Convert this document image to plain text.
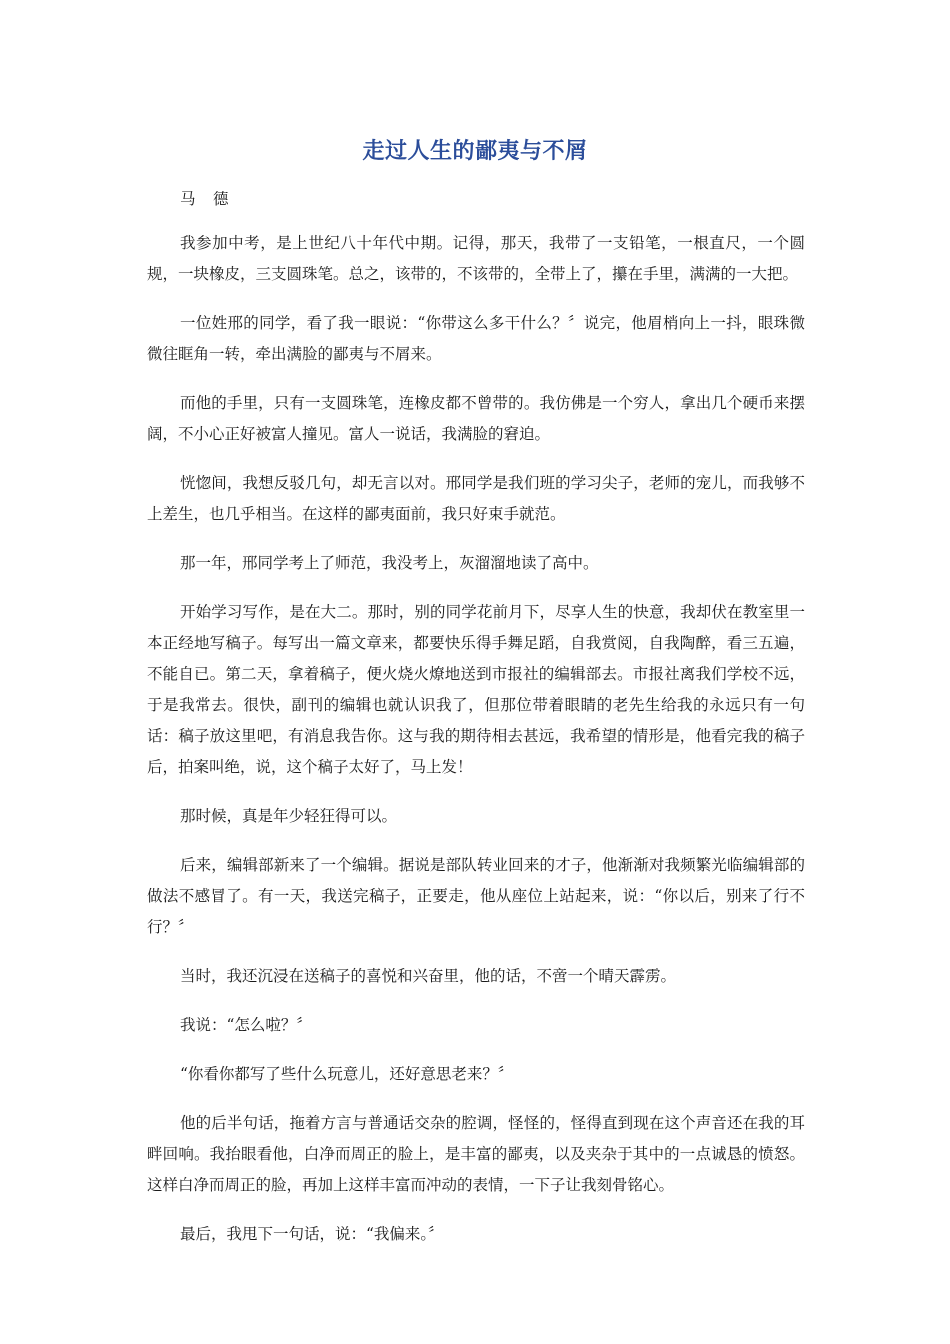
走过人生的鄙夷与不屑

马　德

我参加中考，是上世纪八十年代中期。记得，那天，我带了一支铅笔，一根直尺，一个圆规，一块橡皮，三支圆珠笔。总之，该带的，不该带的，全带上了，攥在手里，满满的一大把。

一位姓邢的同学，看了我一眼说：“你带这么多干什么？〞说完，他眉梢向上一抖，眼珠微微往眶角一转，牵出满脸的鄙夷与不屑来。

而他的手里，只有一支圆珠笔，连橡皮都不曾带的。我仿佛是一个穷人，拿出几个硬币来摆阔，不小心正好被富人撞见。富人一说话，我满脸的窘迫。

恍惚间，我想反驳几句，却无言以对。邢同学是我们班的学习尖子，老师的宠儿，而我够不上差生，也几乎相当。在这样的鄙夷面前，我只好束手就范。

那一年，邢同学考上了师范，我没考上，灰溜溜地读了高中。

开始学习写作，是在大二。那时，别的同学花前月下，尽享人生的快意，我却伏在教室里一本正经地写稿子。每写出一篇文章来，都要快乐得手舞足蹈，自我赏阅，自我陶醉，看三五遍，不能自已。第二天，拿着稿子，便火烧火燎地送到市报社的编辑部去。市报社离我们学校不远，于是我常去。很快，副刊的编辑也就认识我了，但那位带着眼睛的老先生给我的永远只有一句话：稿子放这里吧，有消息我告你。这与我的期待相去甚远，我希望的情形是，他看完我的稿子后，拍案叫绝，说，这个稿子太好了，马上发！

那时候，真是年少轻狂得可以。

后来，编辑部新来了一个编辑。据说是部队转业回来的才子，他渐渐对我频繁光临编辑部的做法不感冒了。有一天，我送完稿子，正要走，他从座位上站起来，说：“你以后，别来了行不行？〞

当时，我还沉浸在送稿子的喜悦和兴奋里，他的话，不啻一个晴天霹雳。

我说：“怎么啦？〞

“你看你都写了些什么玩意儿，还好意思老来？〞

他的后半句话，拖着方言与普通话交杂的腔调，怪怪的，怪得直到现在这个声音还在我的耳畔回响。我抬眼看他，白净而周正的脸上，是丰富的鄙夷，以及夹杂于其中的一点诚恳的愤怒。这样白净而周正的脸，再加上这样丰富而冲动的表情，一下子让我刻骨铭心。

最后，我甩下一句话，说：“我偏来。〞
